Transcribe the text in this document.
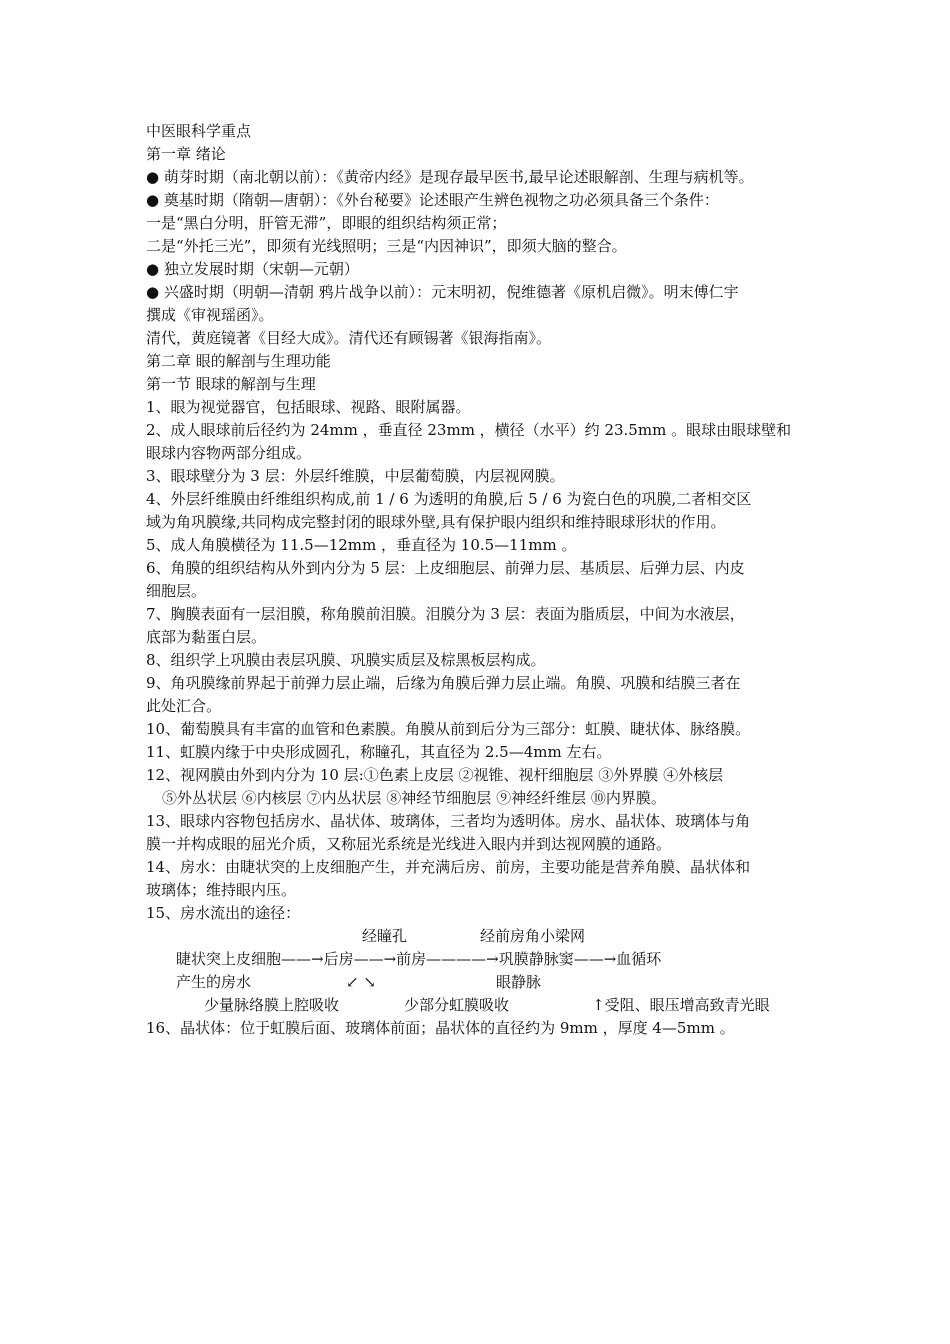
中医眼科学重点
第一章 绪论
● 萌芽时期（南北朝以前）：《黄帝内经》是现存最早医书,最早论述眼解剖、生理与病机等。
● 奠基时期（隋朝—唐朝）：《外台秘要》论述眼产生辨色视物之功必须具备三个条件：
一是“黑白分明，肝管无滞”，即眼的组织结构须正常；
二是“外托三光”，即须有光线照明；三是“内因神识”，即须大脑的整合。
● 独立发展时期（宋朝—元朝）
● 兴盛时期（明朝—清朝 鸦片战争以前）：元末明初，倪维德著《原机启微》。明末傅仁宇
撰成《审视瑶函》。
清代，黄庭镜著《目经大成》。清代还有顾锡著《银海指南》。
第二章 眼的解剖与生理功能
第一节 眼球的解剖与生理
1、眼为视觉器官，包括眼球、视路、眼附属器。
2、成人眼球前后径约为 24mm ，垂直径 23mm ，横径（水平）约 23.5mm 。眼球由眼球壁和
眼球内容物两部分组成。
3、眼球壁分为 3 层：外层纤维膜，中层葡萄膜，内层视网膜。
4、外层纤维膜由纤维组织构成,前 1 / 6 为透明的角膜,后 5 / 6 为瓷白色的巩膜,二者相交区
域为角巩膜缘,共同构成完整封闭的眼球外壁,具有保护眼内组织和维持眼球形状的作用。
5、成人角膜横径为 11.5—12mm ，垂直径为 10.5—11mm 。
6、角膜的组织结构从外到内分为 5 层：上皮细胞层、前弹力层、基质层、后弹力层、内皮
细胞层。
7、胸膜表面有一层泪膜，称角膜前泪膜。泪膜分为 3 层：表面为脂质层，中间为水液层，
底部为黏蛋白层。
8、组织学上巩膜由表层巩膜、巩膜实质层及棕黑板层构成。
9、角巩膜缘前界起于前弹力层止端，后缘为角膜后弹力层止端。角膜、巩膜和结膜三者在
此处汇合。
10、葡萄膜具有丰富的血管和色素膜。角膜从前到后分为三部分：虹膜、睫状体、脉络膜。
11、虹膜内缘于中央形成圆孔，称瞳孔，其直径为 2.5—4mm 左右。
12、视网膜由外到内分为 10 层:①色素上皮层 ②视锥、视杆细胞层 ③外界膜 ④外核层
⑤外丛状层 ⑥内核层 ⑦内丛状层 ⑧神经节细胞层 ⑨神经纤维层 ⑩内界膜。
13、眼球内容物包括房水、晶状体、玻璃体，三者均为透明体。房水、晶状体、玻璃体与角
膜一并构成眼的屈光介质，又称屈光系统是光线进入眼内并到达视网膜的通路。
14、房水：由睫状突的上皮细胞产生，并充满后房、前房，主要功能是营养角膜、晶状体和
玻璃体；维持眼内压。
15、房水流出的途径：
经瞳孔	经前房角小梁网
睫状突上皮细胞——→后房——→前房————→巩膜静脉窦——→血循环
产生的房水	↙ ↘	眼静脉
少量脉络膜上腔吸收	少部分虹膜吸收	↑受阻、眼压增高致青光眼
16、晶状体：位于虹膜后面、玻璃体前面；晶状体的直径约为 9mm ，厚度 4—5mm 。
